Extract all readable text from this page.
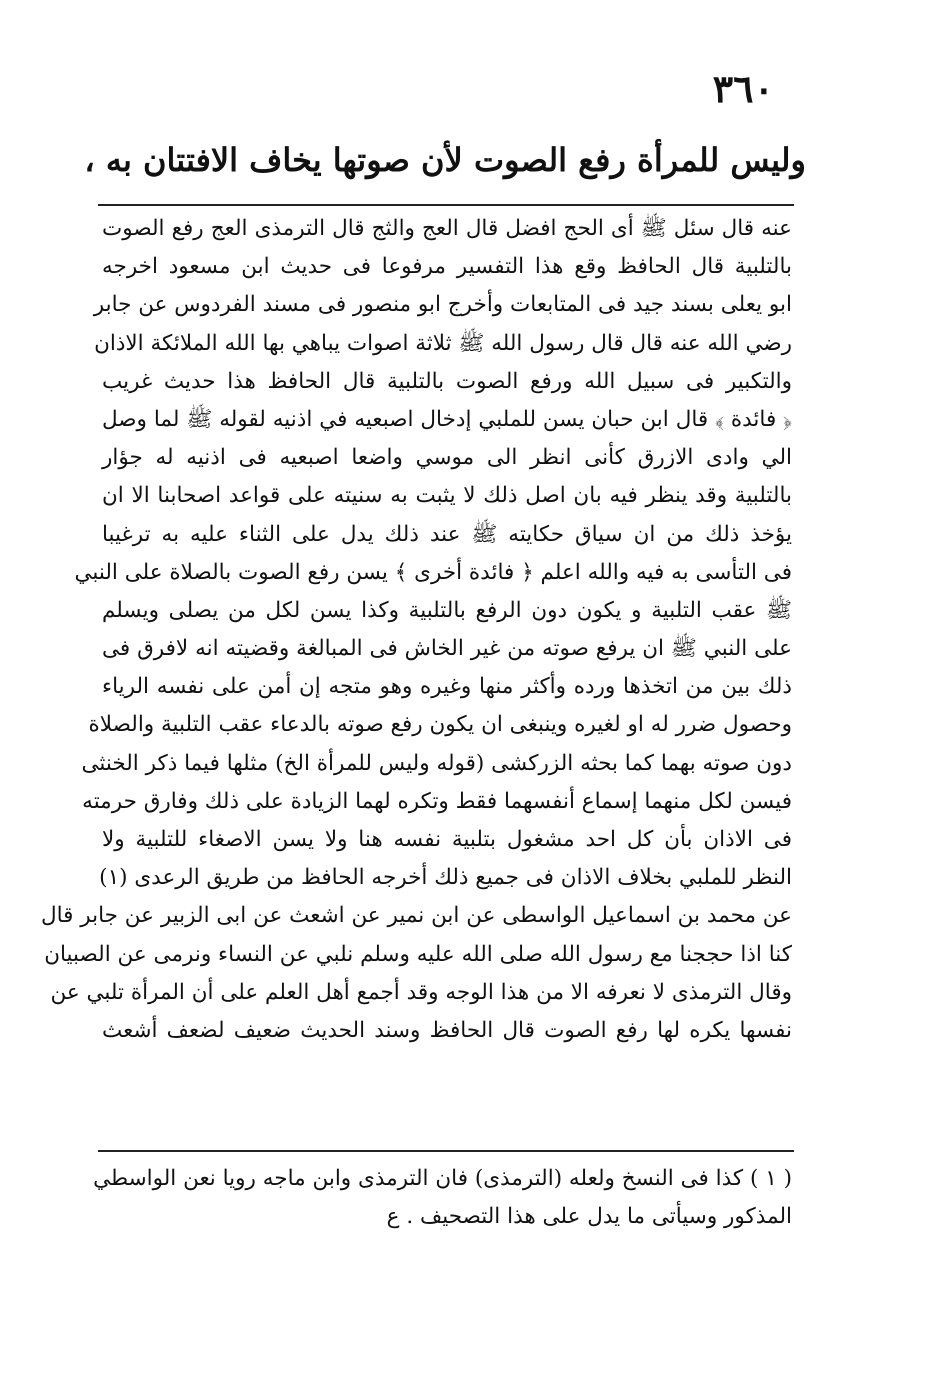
٣٦٠
وليس للمرأة رفع الصوت لأن صوتها يخاف الافتتان به ،
عنه قال سئل ﷺ أى الحج افضل قال العج والثج قال الترمذى العج رفع الصوت
بالتلبية قال الحافظ وقع هذا التفسير مرفوعا فى حديث ابن مسعود اخرجه
ابو يعلى بسند جيد فى المتابعات وأخرج ابو منصور فى مسند الفردوس عن جابر
رضي الله عنه قال قال رسول الله ﷺ ثلاثة اصوات يباهي بها الله الملائكة الاذان
والتكبير فى سبيل الله ورفع الصوت بالتلبية قال الحافظ هذا حديث غريب
﴿ فائدة ﴾ قال ابن حبان يسن للملبي إدخال اصبعيه في اذنيه لقوله ﷺ لما وصل
الي وادى الازرق كأنى انظر الى موسي واضعا اصبعيه فى اذنيه له جؤار
بالتلبية وقد ينظر فيه بان اصل ذلك لا يثبت به سنيته على قواعد اصحابنا الا ان
يؤخذ ذلك من ان سياق حكايته ﷺ عند ذلك يدل على الثناء عليه به ترغيبا
فى التأسى به فيه والله اعلم ﴿ فائدة أخرى ﴾ يسن رفع الصوت بالصلاة على النبي
ﷺ عقب التلبية و يكون دون الرفع بالتلبية وكذا يسن لكل من يصلى ويسلم
على النبي ﷺ ان يرفع صوته من غير الخاش فى المبالغة وقضيته انه لافرق فى
ذلك بين من اتخذها ورده وأكثر منها وغيره وهو متجه إن أمن على نفسه الرياء
وحصول ضرر له او لغيره وينبغى ان يكون رفع صوته بالدعاء عقب التلبية والصلاة
دون صوته بهما كما بحثه الزركشى (قوله وليس للمرأة الخ) مثلها فيما ذكر الخنثى
فيسن لكل منهما إسماع أنفسهما فقط وتكره لهما الزيادة على ذلك وفارق حرمته
فى الاذان بأن كل احد مشغول بتلبية نفسه هنا ولا يسن الاصغاء للتلبية ولا
النظر للملبي بخلاف الاذان فى جميع ذلك أخرجه الحافظ من طريق الرعدى (١)
عن محمد بن اسماعيل الواسطى عن ابن نمير عن اشعث عن ابى الزبير عن جابر قال
كنا اذا حججنا مع رسول الله صلى الله عليه وسلم نلبي عن النساء ونرمى عن الصبيان
وقال الترمذى لا نعرفه الا من هذا الوجه وقد أجمع أهل العلم على أن المرأة تلبي عن
نفسها يكره لها رفع الصوت قال الحافظ وسند الحديث ضعيف لضعف أشعث
( ١ ) كذا فى النسخ ولعله (الترمذى) فان الترمذى وابن ماجه رويا نعن الواسطي
المذكور وسيأتى ما يدل على هذا التصحيف . ع
